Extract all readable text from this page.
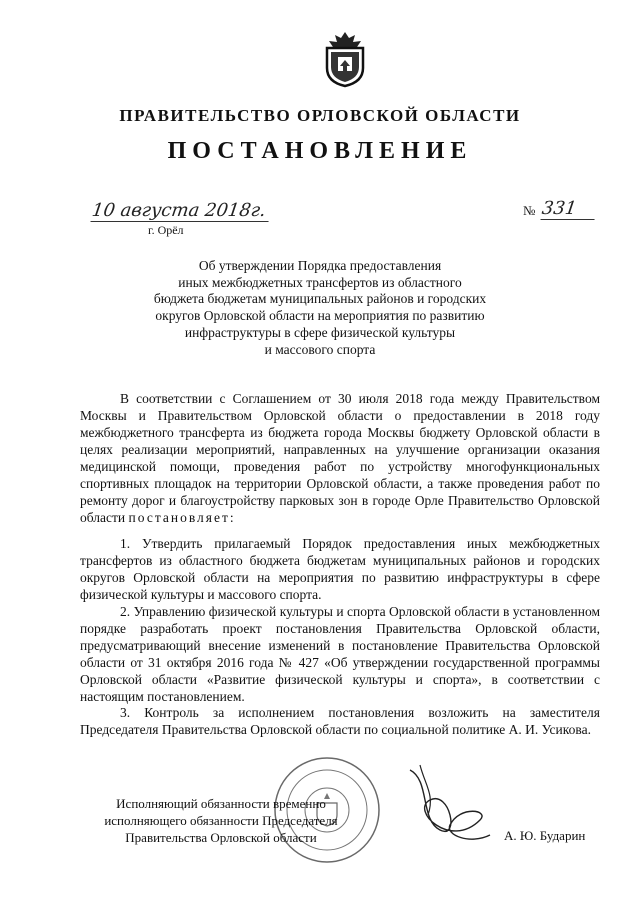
ПРАВИТЕЛЬСТВО ОРЛОВСКОЙ ОБЛАСТИ
ПОСТАНОВЛЕНИЕ
10 августа 2018г.
г. Орёл
№ 331
Об утверждении Порядка предоставления
иных межбюджетных трансфертов из областного
бюджета бюджетам муниципальных районов и городских
округов Орловской области на мероприятия по развитию
инфраструктуры в сфере физической культуры
и массового спорта

В соответствии с Соглашением от 30 июля 2018 года между Правительством Москвы и Правительством Орловской области о предоставлении в 2018 году межбюджетного трансферта из бюджета города Москвы бюджету Орловской области в целях реализации мероприятий, направленных на улучшение организации оказания медицинской помощи, проведения работ по устройству многофункциональных спортивных площадок на территории Орловской области, а также проведения работ по ремонту дорог и благоустройству парковых зон в городе Орле Правительство Орловской области постановляет:

1. Утвердить прилагаемый Порядок предоставления иных межбюджетных трансфертов из областного бюджета бюджетам муниципальных районов и городских округов Орловской области на мероприятия по развитию инфраструктуры в сфере физической культуры и массового спорта.

2. Управлению физической культуры и спорта Орловской области в установленном порядке разработать проект постановления Правительства Орловской области, предусматривающий внесение изменений в постановление Правительства Орловской области от 31 октября 2016 года № 427 «Об утверждении государственной программы Орловской области «Развитие физической культуры и спорта», в соответствии с настоящим постановлением.

3. Контроль за исполнением постановления возложить на заместителя Председателя Правительства Орловской области по социальной политике А. И. Усикова.

Исполняющий обязанности временно
исполняющего обязанности Председателя
Правительства Орловской области	А. Ю. Бударин
